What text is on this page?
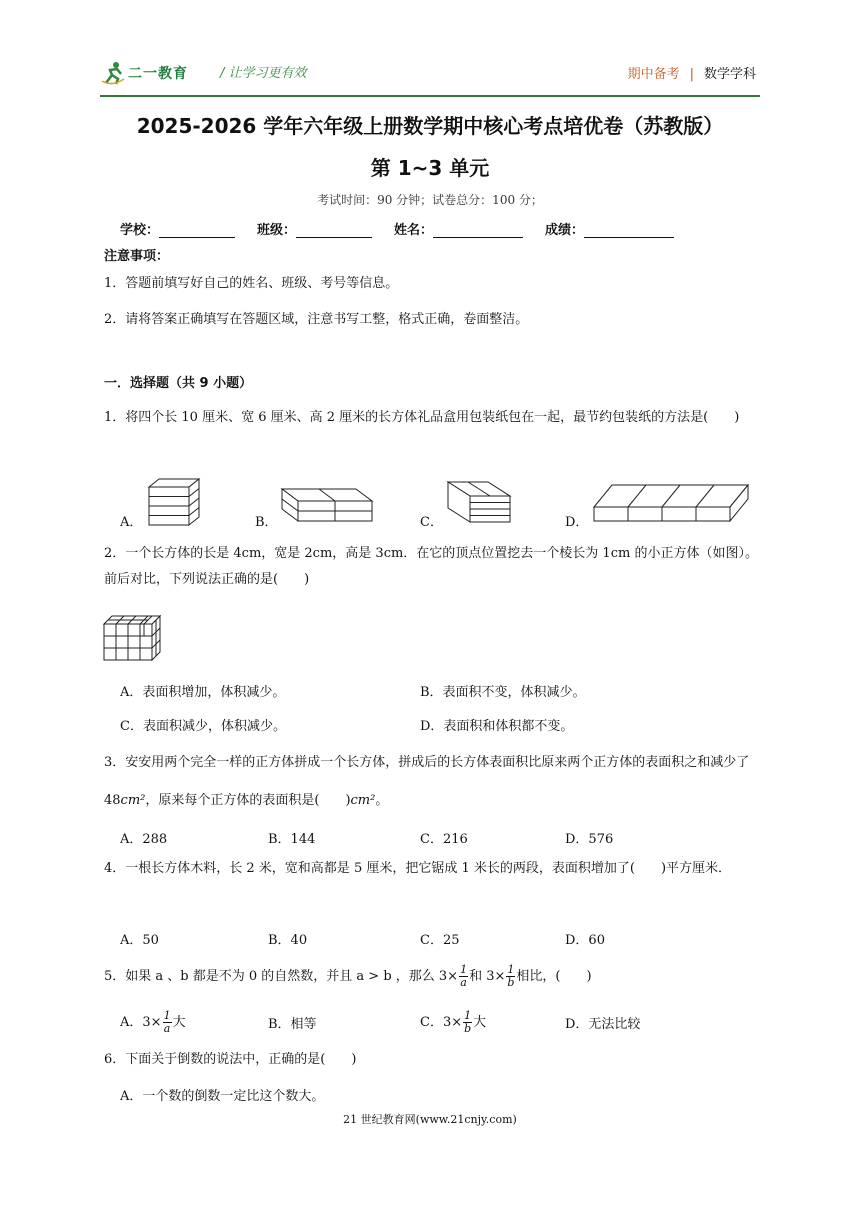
二一教育 / 让学习更有效	期中备考 | 数学学科
2025-2026 学年六年级上册数学期中核心考点培优卷（苏教版）
第 1~3 单元
考试时间：90 分钟；试卷总分：100 分；
学校：	班级：	姓名：	成绩：
注意事项：
1．答题前填写好自己的姓名、班级、考号等信息。
2．请将答案正确填写在答题区域，注意书写工整，格式正确，卷面整洁。
一．选择题（共 9 小题）
1．将四个长 10 厘米、宽 6 厘米、高 2 厘米的长方体礼品盒用包装纸包在一起，最节约包装纸的方法是(　　)
A．	B．	C．	D．
2．一个长方体的长是 4cm，宽是 2cm，高是 3cm．在它的顶点位置挖去一个棱长为 1cm 的小正方体（如图）。前后对比，下列说法正确的是(　　)
A．表面积增加，体积减少。	B．表面积不变，体积减少。
C．表面积减少，体积减少。	D．表面积和体积都不变。
3．安安用两个完全一样的正方体拼成一个长方体，拼成后的长方体表面积比原来两个正方体的表面积之和减少了 48cm²，原来每个正方体的表面积是(　　)cm²。
A．288	B．144	C．216	D．576
4．一根长方体木料，长 2 米，宽和高都是 5 厘米，把它锯成 1 米长的两段，表面积增加了(　　)平方厘米．
A．50	B．40	C．25	D．60
5．如果 a 、b 都是不为 0 的自然数，并且 a > b ，那么 $3\times \frac{1}{a}$ 和 $3\times \frac{1}{b}$ 相比，(　　)
A．$3\times \frac{1}{a}$ 大	B．相等	C．$3\times \frac{1}{b}$ 大	D．无法比较
6．下面关于倒数的说法中，正确的是(　　)
A．一个数的倒数一定比这个数大。
21 世纪教育网(www.21cnjy.com)
